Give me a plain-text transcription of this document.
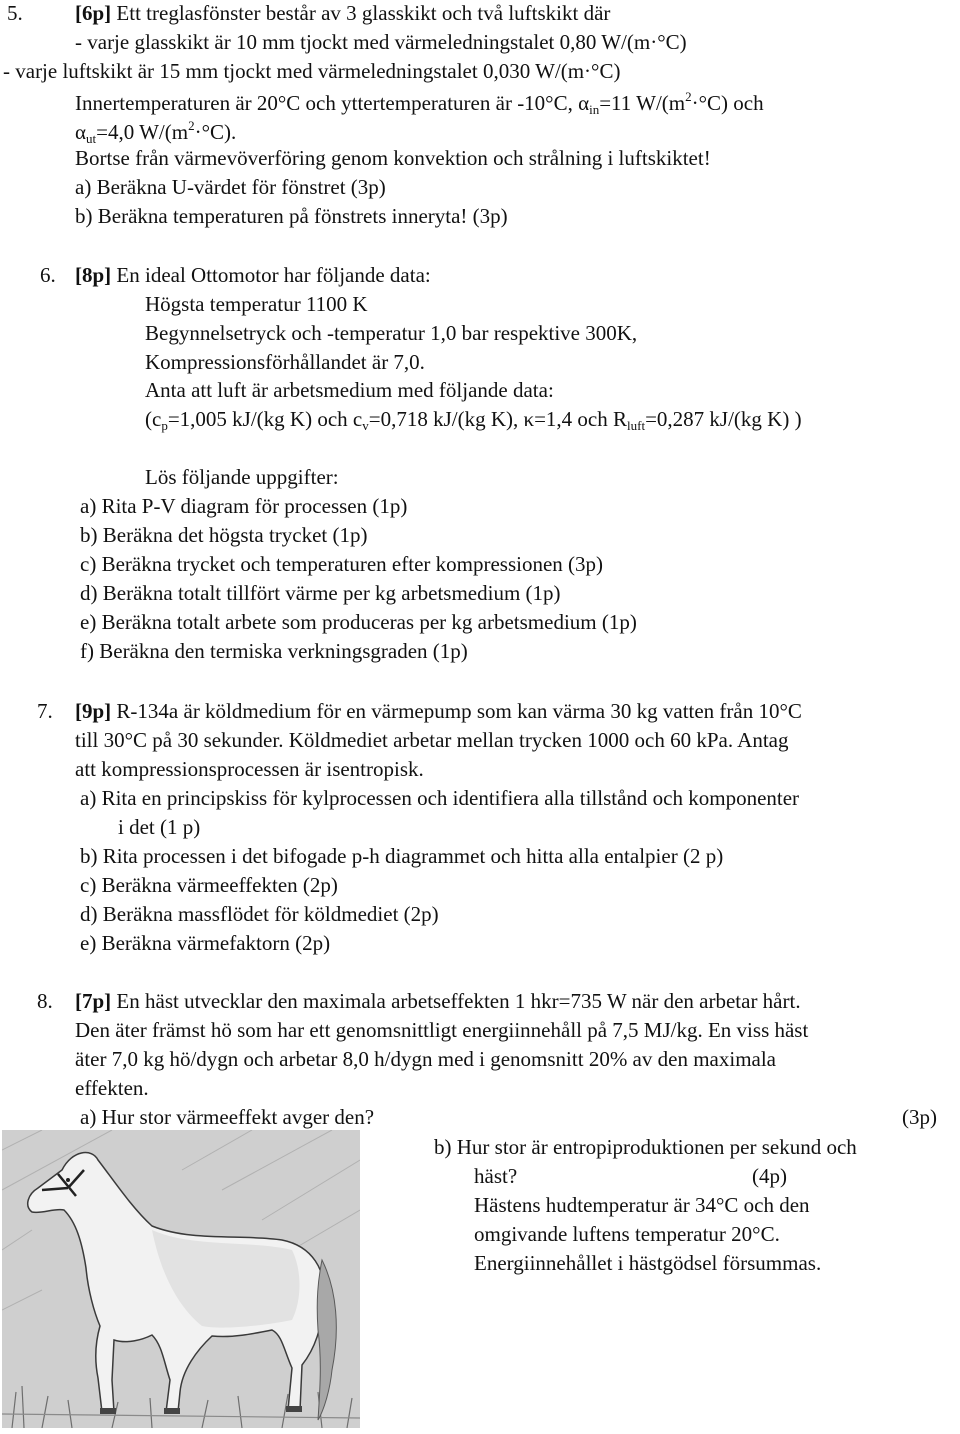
5. [6p] Ett treglasfönster består av 3 glasskikt och två luftskikt där
- varje glasskikt är 10 mm tjockt med värmeledningstalet 0,80 W/(m·°C)
- varje luftskikt är 15 mm tjockt med värmeledningstalet 0,030 W/(m·°C)
Innertemperaturen är 20°C och yttertemperaturen är -10°C, $\alpha_{in}=11$ $W/(m^2\cdot^\circ C)$ och
$\alpha_{ut}=4,0$ $W/(m^2\cdot^\circ C)$.
Bortse från värmevöverföring genom konvektion och strålning i luftskiktet!
a) Beräkna U-värdet för fönstret (3p)
b) Beräkna temperaturen på fönstrets inneryta! (3p)
6. [8p] En ideal Ottomotor har följande data:
Högsta temperatur 1100 K
Begynnelsetryck och -temperatur 1,0 bar respektive 300K,
Kompressionsförhållandet är 7,0.
Anta att luft är arbetsmedium med följande data:
($c_p=1,005$ kJ/(kg K) och $c_v=0,718$ kJ/(kg K), κ=1,4 och $R_{luft}=0,287$ kJ/(kg K) )
Lös följande uppgifter:
a) Rita P-V diagram för processen (1p)
b) Beräkna det högsta trycket (1p)
c) Beräkna trycket och temperaturen efter kompressionen (3p)
d) Beräkna totalt tillfört värme per kg arbetsmedium (1p)
e) Beräkna totalt arbete som produceras per kg arbetsmedium (1p)
f) Beräkna den termiska verkningsgraden (1p)
7. [9p] R-134a är köldmedium för en värmepump som kan värma 30 kg vatten från 10°C
till 30°C på 30 sekunder. Köldmediet arbetar mellan trycken 1000 och 60 kPa. Antag
att kompressionsprocessen är isentropisk.
a) Rita en principskiss för kylprocessen och identifiera alla tillstånd och komponenter
i det (1 p)
b) Rita processen i det bifogade p-h diagrammet och hitta alla entalpier (2 p)
c) Beräkna värmeeffekten (2p)
d) Beräkna massflödet för köldmediet (2p)
e) Beräkna värmefaktorn (2p)
8. [7p] En häst utvecklar den maximala arbetseffekten 1 hkr=735 W när den arbetar hårt.
Den äter främst hö som har ett genomsnittligt energiinnehåll på 7,5 MJ/kg. En viss häst
äter 7,0 kg hö/dygn och arbetar 8,0 h/dygn med i genomsnitt 20% av den maximala
effekten.
a) Hur stor värmeeffekt avger den?	(3p)
b) Hur stor är entropiproduktionen per sekund och
häst?	(4p)
Hästens hudtemperatur är 34°C och den
omgivande luftens temperatur 20°C.
Energiinnehållet i hästgödsel försummas.
